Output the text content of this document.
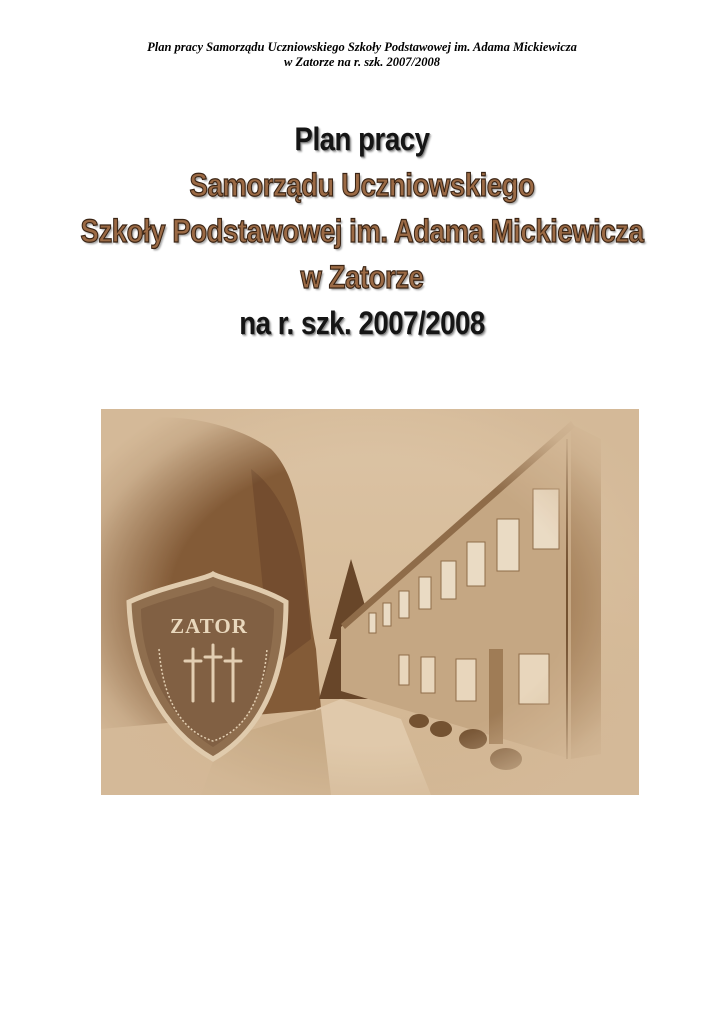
Plan pracy Samorządu Uczniowskiego Szkoły Podstawowej im. Adama Mickiewicza
w Zatorze na r. szk. 2007/2008
Plan pracy
Samorządu Uczniowskiego
Szkoły Podstawowej im. Adama Mickiewicza
w Zatorze
na r. szk. 2007/2008
ZATOR
